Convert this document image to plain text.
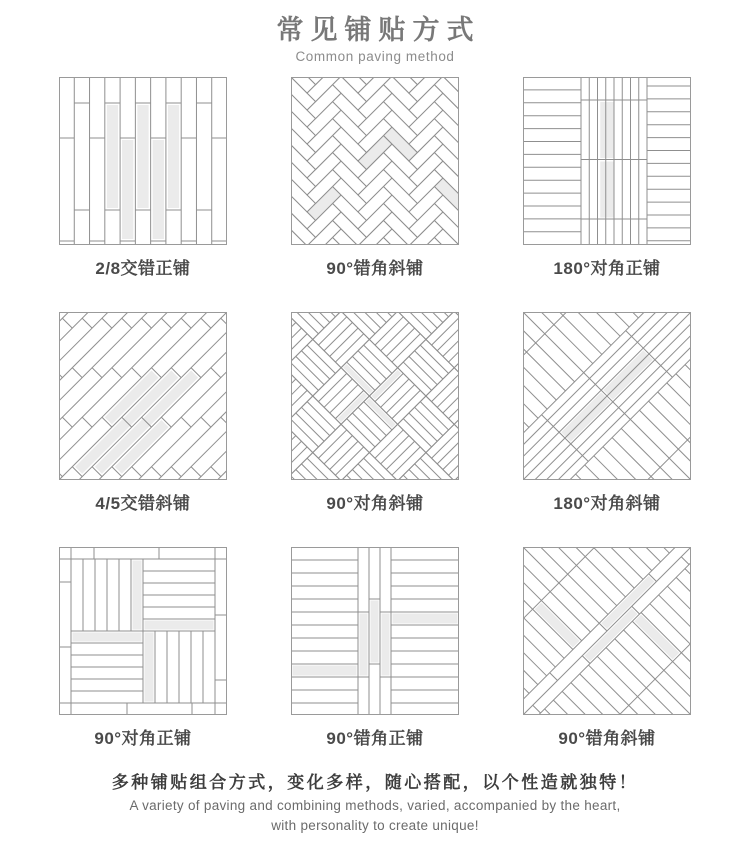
常见铺贴方式
Common paving method
2/8交错正铺	90°错角斜铺	180°对角正铺
4/5交错斜铺	90°对角斜铺	180°对角斜铺
90°对角正铺	90°错角正铺	90°错角斜铺

多种铺贴组合方式，变化多样，随心搭配，以个性造就独特！

A variety of paving and combining methods, varied, accompanied by the heart,

with personality to create unique!
